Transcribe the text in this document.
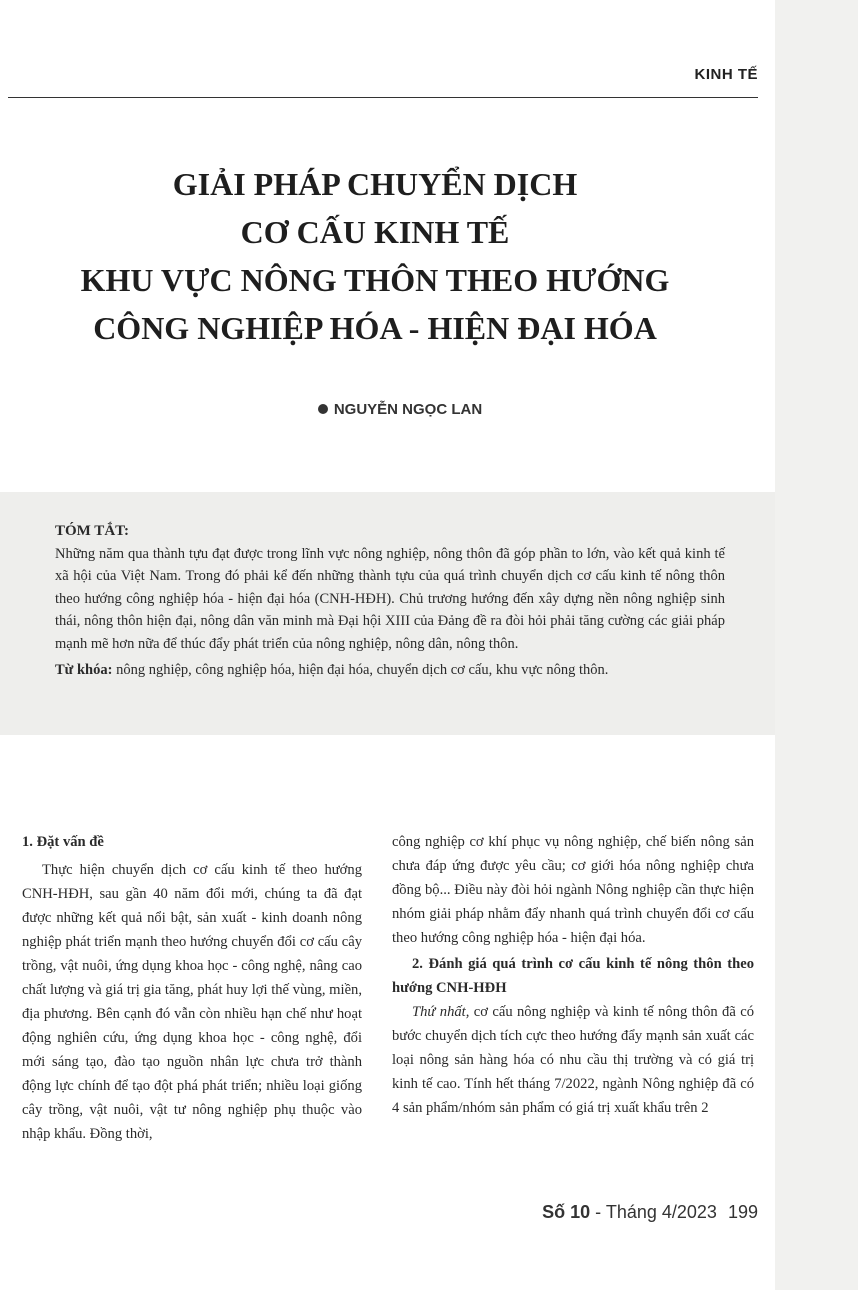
KINH TẾ
GIẢI PHÁP CHUYỂN DỊCH
CƠ CẤU KINH TẾ
KHU VỰC NÔNG THÔN THEO HƯỚNG
CÔNG NGHIỆP HÓA - HIỆN ĐẠI HÓA
NGUYỄN NGỌC LAN
TÓM TẮT:

Những năm qua thành tựu đạt được trong lĩnh vực nông nghiệp, nông thôn đã góp phần to lớn, vào kết quả kinh tế xã hội của Việt Nam. Trong đó phải kể đến những thành tựu của quá trình chuyển dịch cơ cấu kinh tế nông thôn theo hướng công nghiệp hóa - hiện đại hóa (CNH-HĐH). Chủ trương hướng đến xây dựng nền nông nghiệp sinh thái, nông thôn hiện đại, nông dân văn minh mà Đại hội XIII của Đảng đề ra đòi hỏi phải tăng cường các giải pháp mạnh mẽ hơn nữa để thúc đẩy phát triển của nông nghiệp, nông dân, nông thôn.

Từ khóa: nông nghiệp, công nghiệp hóa, hiện đại hóa, chuyển dịch cơ cấu, khu vực nông thôn.

1. Đặt vấn đề

Thực hiện chuyển dịch cơ cấu kinh tế theo hướng CNH-HĐH, sau gần 40 năm đổi mới, chúng ta đã đạt được những kết quả nổi bật, sản xuất - kinh doanh nông nghiệp phát triển mạnh theo hướng chuyển đổi cơ cấu cây trồng, vật nuôi, ứng dụng khoa học - công nghệ, nâng cao chất lượng và giá trị gia tăng, phát huy lợi thế vùng, miền, địa phương. Bên cạnh đó vẫn còn nhiều hạn chế như hoạt động nghiên cứu, ứng dụng khoa học - công nghệ, đổi mới sáng tạo, đào tạo nguồn nhân lực chưa trở thành động lực chính để tạo đột phá phát triển; nhiều loại giống cây trồng, vật nuôi, vật tư nông nghiệp phụ thuộc vào nhập khẩu. Đồng thời,

công nghiệp cơ khí phục vụ nông nghiệp, chế biến nông sản chưa đáp ứng được yêu cầu; cơ giới hóa nông nghiệp chưa đồng bộ... Điều này đòi hỏi ngành Nông nghiệp cần thực hiện nhóm giải pháp nhằm đẩy nhanh quá trình chuyển đổi cơ cấu theo hướng công nghiệp hóa - hiện đại hóa.

2. Đánh giá quá trình cơ cấu kinh tế nông thôn theo hướng CNH-HĐH

Thứ nhất, cơ cấu nông nghiệp và kinh tế nông thôn đã có bước chuyển dịch tích cực theo hướng đẩy mạnh sản xuất các loại nông sản hàng hóa có nhu cầu thị trường và có giá trị kinh tế cao. Tính hết tháng 7/2022, ngành Nông nghiệp đã có 4 sản phẩm/nhóm sản phẩm có giá trị xuất khẩu trên 2

Số 10 - Tháng 4/2023 199
